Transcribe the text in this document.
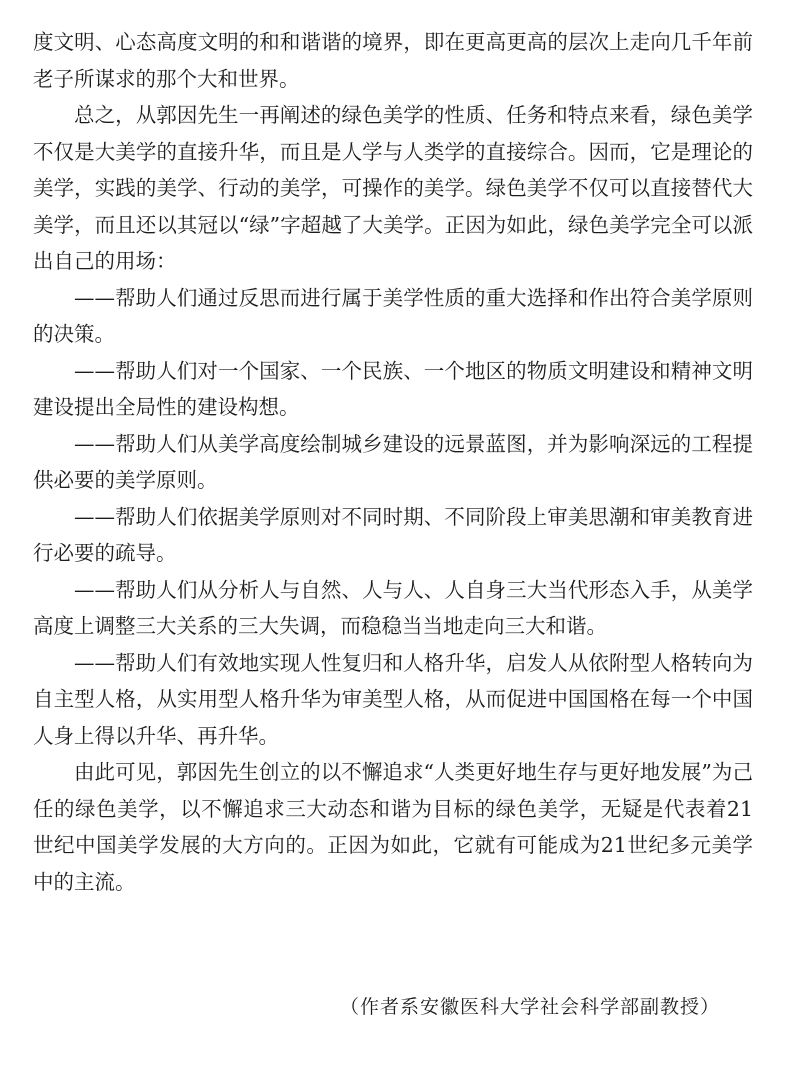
度文明、心态高度文明的和和谐谐的境界，即在更高更高的层次上走向几千年前老子所谋求的那个大和世界。

总之，从郭因先生一再阐述的绿色美学的性质、任务和特点来看，绿色美学不仅是大美学的直接升华，而且是人学与人类学的直接综合。因而，它是理论的美学，实践的美学、行动的美学，可操作的美学。绿色美学不仅可以直接替代大美学，而且还以其冠以“绿”字超越了大美学。正因为如此，绿色美学完全可以派出自己的用场：

——帮助人们通过反思而进行属于美学性质的重大选择和作出符合美学原则的决策。

——帮助人们对一个国家、一个民族、一个地区的物质文明建设和精神文明建设提出全局性的建设构想。

——帮助人们从美学高度绘制城乡建设的远景蓝图，并为影响深远的工程提供必要的美学原则。

——帮助人们依据美学原则对不同时期、不同阶段上审美思潮和审美教育进行必要的疏导。

——帮助人们从分析人与自然、人与人、人自身三大当代形态入手，从美学高度上调整三大关系的三大失调，而稳稳当当地走向三大和谐。

——帮助人们有效地实现人性复归和人格升华，启发人从依附型人格转向为自主型人格，从实用型人格升华为审美型人格，从而促进中国国格在每一个中国人身上得以升华、再升华。

由此可见，郭因先生创立的以不懈追求“人类更好地生存与更好地发展”为己任的绿色美学，以不懈追求三大动态和谐为目标的绿色美学，无疑是代表着21世纪中国美学发展的大方向的。正因为如此，它就有可能成为21世纪多元美学中的主流。

（作者系安徽医科大学社会科学部副教授）
